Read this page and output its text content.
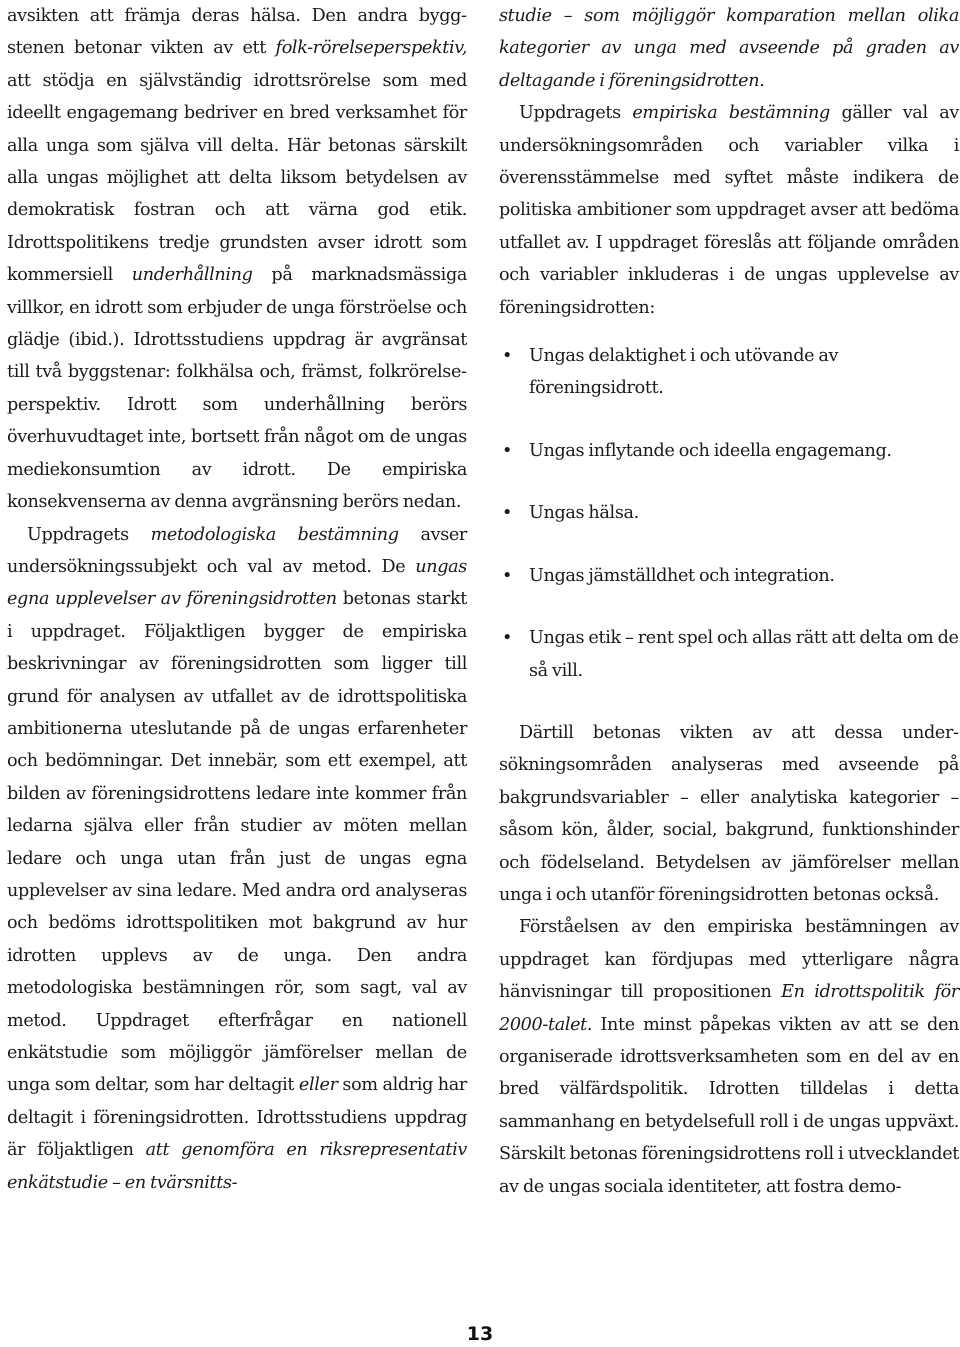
avsikten att främja deras hälsa. Den andra byggstenen betonar vikten av ett folk-rörelseperspektiv, att stödja en självständig idrottsrörelse som med ideellt engagemang bedriver en bred verksamhet för alla unga som själva vill delta. Här betonas särskilt alla ungas möjlighet att delta liksom betydelsen av demokratisk fostran och att värna god etik. Idrottspolitikens tredje grundsten avser idrott som kommersiell underhållning på marknadsmässiga villkor, en idrott som erbjuder de unga förströelse och glädje (ibid.). Idrottsstudiens uppdrag är avgränsat till två byggstenar: folkhälsa och, främst, folkrörelseperspektiv. Idrott som underhållning berörs överhuvudtaget inte, bortsett från något om de ungas mediekonsumtion av idrott. De empiriska konsekvenserna av denna avgränsning berörs nedan.

Uppdragets metodologiska bestämning avser undersökningssubjekt och val av metod. De ungas egna upplevelser av föreningsidrotten betonas starkt i uppdraget. Följaktligen bygger de empiriska beskrivningar av föreningsidrotten som ligger till grund för analysen av utfallet av de idrottspolitiska ambitionerna uteslutande på de ungas erfarenheter och bedömningar. Det innebär, som ett exempel, att bilden av föreningsidrottens ledare inte kommer från ledarna själva eller från studier av möten mellan ledare och unga utan från just de ungas egna upplevelser av sina ledare. Med andra ord analyseras och bedöms idrottspolitiken mot bakgrund av hur idrotten upplevs av de unga. Den andra metodologiska bestämningen rör, som sagt, val av metod. Uppdraget efterfrågar en nationell enkätstudie som möjliggör jämförelser mellan de unga som deltar, som har deltagit eller som aldrig har deltagit i föreningsidrotten. Idrottsstudiens uppdrag är följaktligen att genomföra en riksrepresentativ enkätstudie – en tvärsnitts-

studie – som möjliggör komparation mellan olika kategorier av unga med avseende på graden av deltagande i föreningsidrotten.

Uppdragets empiriska bestämning gäller val av undersökningsområden och variabler vilka i överensstämmelse med syftet måste indikera de politiska ambitioner som uppdraget avser att bedöma utfallet av. I uppdraget föreslås att följande områden och variabler inkluderas i de ungas upplevelse av föreningsidrotten:

• Ungas delaktighet i och utövande av föreningsidrott.
• Ungas inflytande och ideella engagemang.
• Ungas hälsa.
• Ungas jämställdhet och integration.
• Ungas etik – rent spel och allas rätt att delta om de så vill.

Därtill betonas vikten av att dessa undersökningsområden analyseras med avseende på bakgrundsvariabler – eller analytiska kategorier – såsom kön, ålder, social, bakgrund, funktionshinder och födelseland. Betydelsen av jämförelser mellan unga i och utanför föreningsidrotten betonas också.

Förståelsen av den empiriska bestämningen av uppdraget kan fördjupas med ytterligare några hänvisningar till propositionen En idrottspolitik för 2000-talet. Inte minst påpekas vikten av att se den organiserade idrottsverksamheten som en del av en bred välfärdspolitik. Idrotten tilldelas i detta sammanhang en betydelsefull roll i de ungas uppväxt. Särskilt betonas föreningsidrottens roll i utvecklandet av de ungas sociala identiteter, att fostra demo-

13
